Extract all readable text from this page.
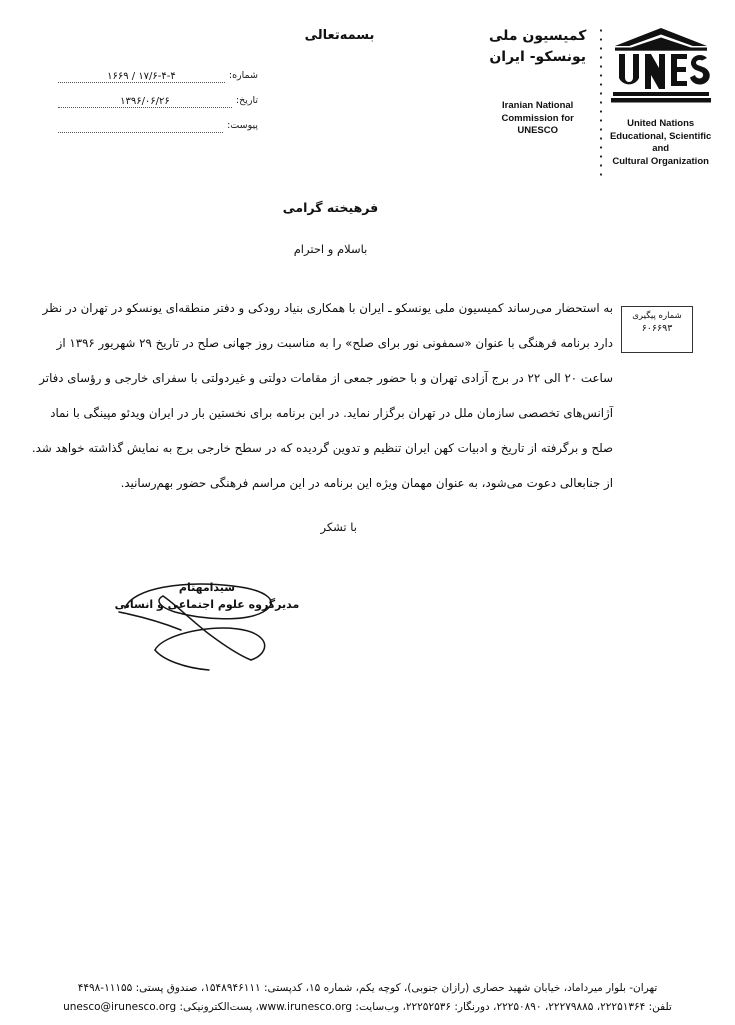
بسمه‌تعالی
شماره:
۱۷/۶-۴-۴ / ۱۶۶۹
تاریخ:
۱۳۹۶/۰۶/۲۶
پیوست:
کمیسیون ملی
یونسکو- ایران
Iranian National
Commission for
UNESCO
United Nations
Educational, Scientific and
Cultural Organization
فرهیخته گرامی
باسلام و احترام
شماره پیگیری
۶۰۶۶۹۳
به استحضار می‌رساند کمیسیون ملی یونسکو ـ ایران با همکاری بنیاد رودکی و دفتر منطقه‌ای یونسکو در تهران در نظر
دارد برنامه فرهنگی با عنوان «سمفونی نور برای صلح» را به مناسبت روز جهانی صلح در تاریخ ۲۹ شهریور ۱۳۹۶ از
ساعت ۲۰ الی ۲۲ در برج آزادی تهران و با حضور جمعی از مقامات دولتی و غیردولتی با سفرای خارجی و رؤسای دفاتر
آژانس‌های تخصصی سازمان ملل در تهران برگزار نماید. در این برنامه برای نخستین بار در ایران ویدئو مپینگی با نماد
صلح و برگرفته از تاریخ و ادبیات کهن ایران تنظیم و تدوین گردیده که در سطح خارجی برج به نمایش گذاشته خواهد شد.
از جنابعالی دعوت می‌شود، به عنوان مهمان ویژه این برنامه در این مراسم فرهنگی حضور بهم‌رسانید.
با تشکر
سیدامهتام
مدیرگروه علوم اجتماعی و انسانی
تهران- بلوار میرداماد، خیابان شهید حصاری (رازان جنوبی)، کوچه یکم، شماره ۱۵، کدپستی: ۱۵۴۸۹۴۶۱۱۱، صندوق پستی: ۱۱۱۵۵-۴۴۹۸
تلفن: ۲۲۲۵۱۳۶۴، ۲۲۲۷۹۸۸۵، ۲۲۲۵۰۸۹۰، دورنگار: ۲۲۲۵۲۵۳۶، وب‌سایت: www.irunesco.org، پست‌الکترونیکی: unesco@irunesco.org
